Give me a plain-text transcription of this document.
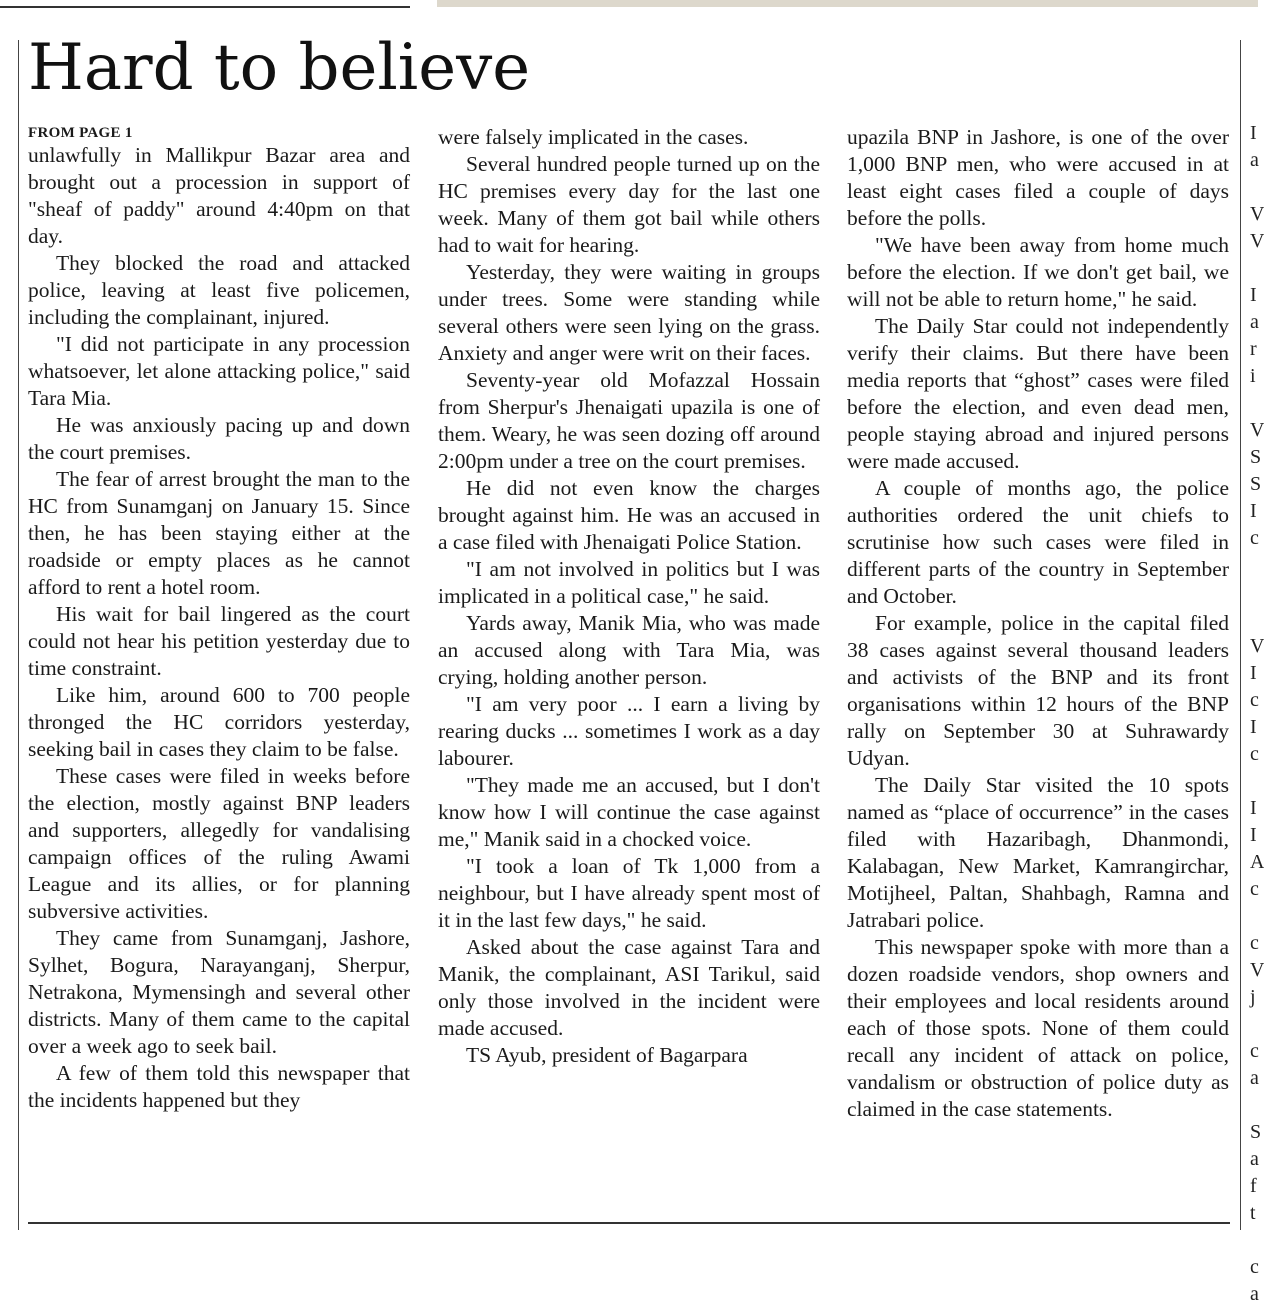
Hard to believe
FROM PAGE 1

unlawfully in Mallikpur Bazar area and brought out a procession in support of "sheaf of paddy" around 4:40pm on that day.

They blocked the road and attacked police, leaving at least five policemen, including the complainant, injured.

"I did not participate in any procession whatsoever, let alone attacking police," said Tara Mia.

He was anxiously pacing up and down the court premises.

The fear of arrest brought the man to the HC from Sunamganj on January 15. Since then, he has been staying either at the roadside or empty places as he cannot afford to rent a hotel room.

His wait for bail lingered as the court could not hear his petition yesterday due to time constraint.

Like him, around 600 to 700 people thronged the HC corridors yesterday, seeking bail in cases they claim to be false.

These cases were filed in weeks before the election, mostly against BNP leaders and supporters, allegedly for vandalising campaign offices of the ruling Awami League and its allies, or for planning subversive activities.

They came from Sunamganj, Jashore, Sylhet, Bogura, Narayanganj, Sherpur, Netrakona, Mymensingh and several other districts. Many of them came to the capital over a week ago to seek bail.

A few of them told this newspaper that the incidents happened but they

were falsely implicated in the cases.

Several hundred people turned up on the HC premises every day for the last one week. Many of them got bail while others had to wait for hearing.

Yesterday, they were waiting in groups under trees. Some were standing while several others were seen lying on the grass. Anxiety and anger were writ on their faces.

Seventy-year old Mofazzal Hossain from Sherpur's Jhenaigati upazila is one of them. Weary, he was seen dozing off around 2:00pm under a tree on the court premises.

He did not even know the charges brought against him. He was an accused in a case filed with Jhenaigati Police Station.

"I am not involved in politics but I was implicated in a political case," he said.

Yards away, Manik Mia, who was made an accused along with Tara Mia, was crying, holding another person.

"I am very poor ... I earn a living by rearing ducks ... sometimes I work as a day labourer.

"They made me an accused, but I don't know how I will continue the case against me," Manik said in a chocked voice.

"I took a loan of Tk 1,000 from a neighbour, but I have already spent most of it in the last few days," he said.

Asked about the case against Tara and Manik, the complainant, ASI Tarikul, said only those involved in the incident were made accused.

TS Ayub, president of Bagarpara

upazila BNP in Jashore, is one of the over 1,000 BNP men, who were accused in at least eight cases filed a couple of days before the polls.

"We have been away from home much before the election. If we don't get bail, we will not be able to return home," he said.

The Daily Star could not independently verify their claims. But there have been media reports that “ghost” cases were filed before the election, and even dead men, people staying abroad and injured persons were made accused.

A couple of months ago, the police authorities ordered the unit chiefs to scrutinise how such cases were filed in different parts of the country in September and October.

For example, police in the capital filed 38 cases against several thousand leaders and activists of the BNP and its front organisations within 12 hours of the BNP rally on September 30 at Suhrawardy Udyan.

The Daily Star visited the 10 spots named as “place of occurrence” in the cases filed with Hazaribagh, Dhanmondi, Kalabagan, New Market, Kamrangirchar, Motijheel, Paltan, Shahbagh, Ramna and Jatrabari police.

This newspaper spoke with more than a dozen roadside vendors, shop owners and their employees and local residents around each of those spots. None of them could recall any incident of attack on police, vandalism or obstruction of police duty as claimed in the case statements.

I
a

V
V

I
a
r
i

V
S
S
I
c

V
I
c
I
c

I
I
A
c

c
V
j

c
a

S
a
f
t

c
a
